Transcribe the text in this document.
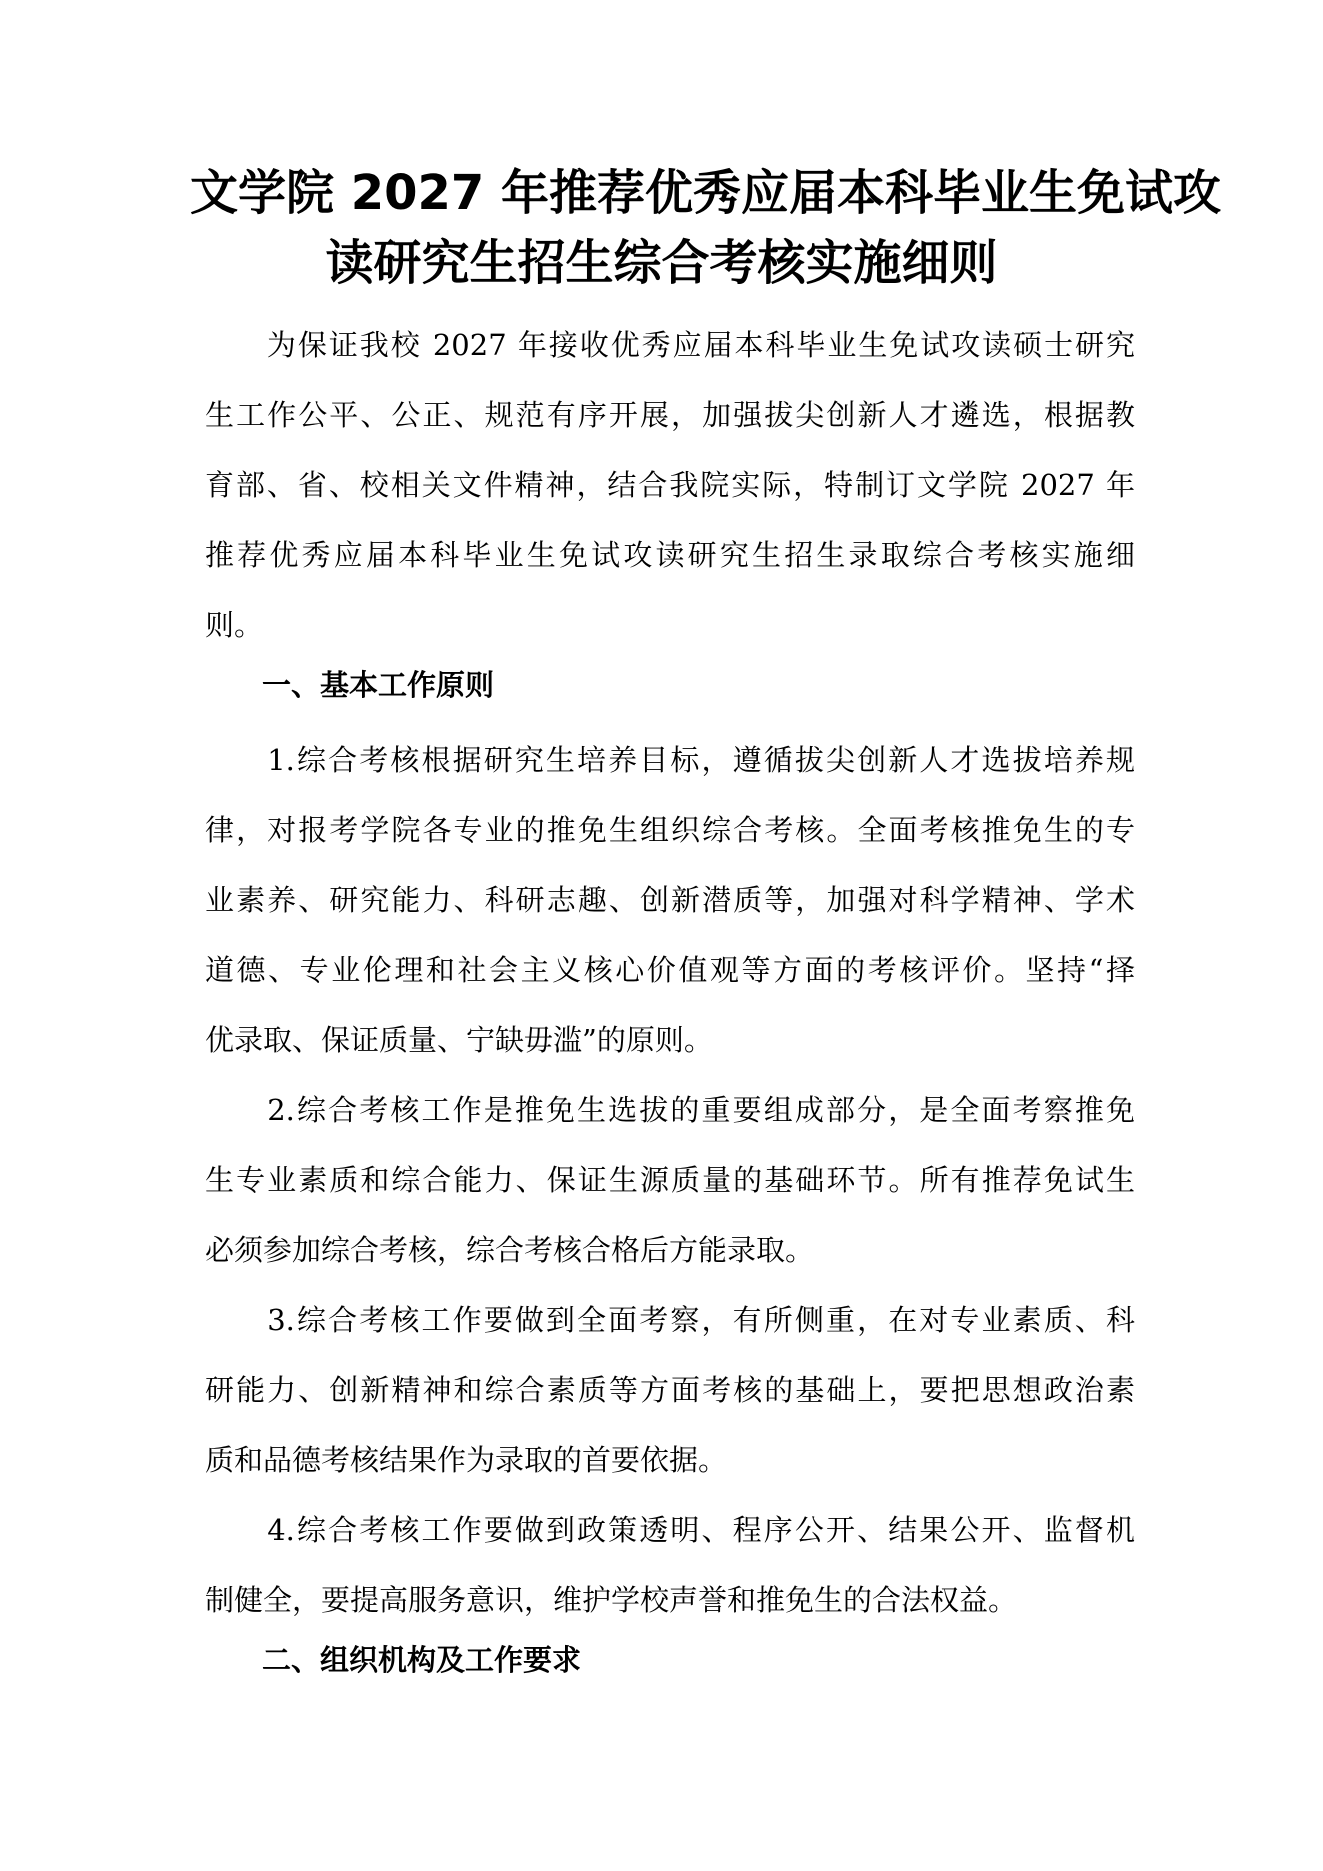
文学院 2027 年推荐优秀应届本科毕业生免试攻
读研究生招生综合考核实施细则

　　为保证我校 2027 年接收优秀应届本科毕业生免试攻读硕士研究
生工作公平、公正、规范有序开展，加强拔尖创新人才遴选，根据教
育部、省、校相关文件精神，结合我院实际，特制订文学院 2027 年
推荐优秀应届本科毕业生免试攻读研究生招生录取综合考核实施细
则。

一、基本工作原则

　　1.综合考核根据研究生培养目标，遵循拔尖创新人才选拔培养规
律，对报考学院各专业的推免生组织综合考核。全面考核推免生的专
业素养、研究能力、科研志趣、创新潜质等，加强对科学精神、学术
道德、专业伦理和社会主义核心价值观等方面的考核评价。坚持“择
优录取、保证质量、宁缺毋滥”的原则。

　　2.综合考核工作是推免生选拔的重要组成部分，是全面考察推免
生专业素质和综合能力、保证生源质量的基础环节。所有推荐免试生
必须参加综合考核，综合考核合格后方能录取。

　　3.综合考核工作要做到全面考察，有所侧重，在对专业素质、科
研能力、创新精神和综合素质等方面考核的基础上，要把思想政治素
质和品德考核结果作为录取的首要依据。

　　4.综合考核工作要做到政策透明、程序公开、结果公开、监督机
制健全，要提高服务意识，维护学校声誉和推免生的合法权益。

二、组织机构及工作要求
